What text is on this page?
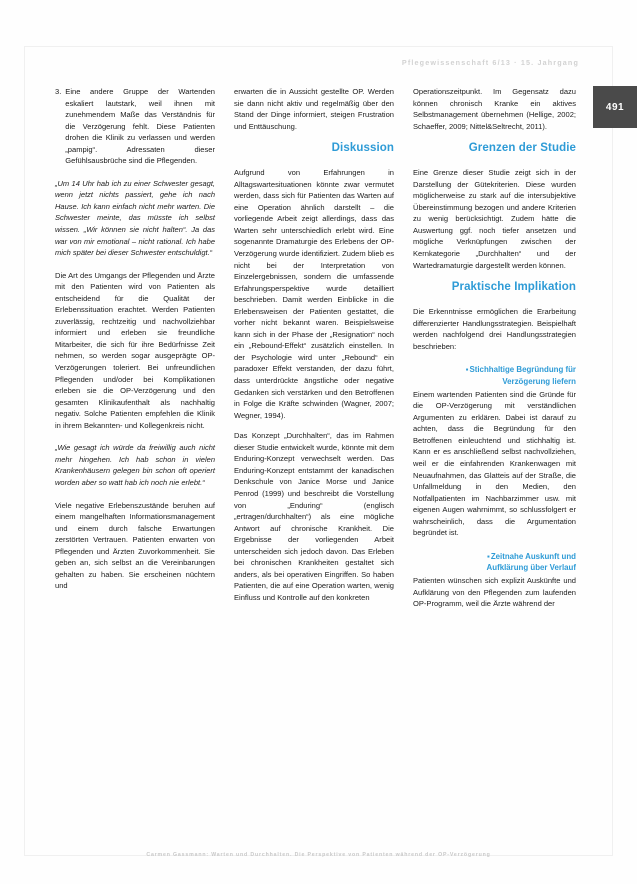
Pflegewissenschaft 6/13 · 15. Jahrgang
491
3. Eine andere Gruppe der Wartenden eskaliert lautstark, weil ihnen mit zunehmendem Maße das Verständnis für die Verzögerung fehlt. Diese Patienten drohen die Klinik zu verlassen und werden „pampig“. Adressaten dieser Gefühlsausbrüche sind die Pflegenden.

„Um 14 Uhr hab ich zu einer Schwester gesagt, wenn jetzt nichts passiert, gehe ich nach Hause. Ich kann einfach nicht mehr warten. Die Schwester meinte, das müsste ich selbst wissen. „Wir können sie nicht halten“. Ja das war von mir emotional – nicht rational. Ich habe mich später bei dieser Schwester entschuldigt.“

Die Art des Umgangs der Pflegenden und Ärzte mit den Patienten wird von Patienten als entscheidend für die Qualität der Erlebenssituation erachtet. Werden Patienten zuverlässig, rechtzeitig und nachvollziehbar informiert und erleben sie freundliche Mitarbeiter, die sich für ihre Bedürfnisse Zeit nehmen, so werden sogar ausgeprägte OP-Verzögerungen toleriert. Bei unfreundlichen Pflegenden und/oder bei Komplikationen erleben sie die OP-Verzögerung und den gesamten Klinikaufenthalt als nachhaltig negativ. Solche Patienten empfehlen die Klinik in ihrem Bekannten- und Kollegenkreis nicht.

„Wie gesagt ich würde da freiwillig auch nicht mehr hingehen. Ich hab schon in vielen Krankenhäusern gelegen bin schon oft operiert worden aber so watt hab ich noch nie erlebt.“

Viele negative Erlebenszustände beruhen auf einem mangelhaften Informationsmanagement und einem durch falsche Erwartungen zerstörten Vertrauen. Patienten erwarten von Pflegenden und Ärzten Zuvorkommenheit. Sie geben an, sich selbst an die Vereinbarungen gehalten zu haben. Sie erscheinen nüchtern und

erwarten die in Aussicht gestellte OP. Werden sie dann nicht aktiv und regelmäßig über den Stand der Dinge informiert, steigen Frustration und Enttäuschung.

Diskussion

Aufgrund von Erfahrungen in Alltagswartesituationen könnte zwar vermutet werden, dass sich für Patienten das Warten auf eine Operation ähnlich darstellt – die vorliegende Arbeit zeigt allerdings, dass das Warten sehr unterschiedlich erlebt wird. Eine sogenannte Dramaturgie des Erlebens der OP-Verzögerung wurde identifiziert. Zudem blieb es nicht bei der Interpretation von Einzelergebnissen, sondern die umfassende Erfahrungsperspektive wurde detailliert beschrieben. Damit werden Einblicke in die Erlebensweisen der Patienten gestattet, die vorher nicht bekannt waren. Beispielsweise kann sich in der Phase der „Resignation“ noch ein „Rebound-Effekt“ zusätzlich einstellen. In der Psychologie wird unter „Rebound“ ein paradoxer Effekt verstanden, der dazu führt, dass unterdrückte ängstliche oder negative Gedanken sich verstärken und den Betroffenen in Folge die Kräfte schwinden (Wagner, 2007; Wegner, 1994).

Das Konzept „Durchhalten“, das im Rahmen dieser Studie entwickelt wurde, könnte mit dem Enduring-Konzept verwechselt werden. Das Enduring-Konzept entstammt der kanadischen Denkschule von Janice Morse und Janice Penrod (1999) und beschreibt die Vorstellung von „Enduring“ (englisch „ertragen/durchhalten“) als eine mögliche Antwort auf chronische Krankheit. Die Ergebnisse der vorliegenden Arbeit unterscheiden sich jedoch davon. Das Erleben bei chronischen Krankheiten gestaltet sich anders, als bei operativen Eingriffen. So haben Patienten, die auf eine Operation warten, wenig Einfluss und Kontrolle auf den konkreten

Operationszeitpunkt. Im Gegensatz dazu können chronisch Kranke ein aktives Selbstmanagement übernehmen (Hellige, 2002; Schaeffer, 2009; Nittel&Seltrecht, 2011).

Grenzen der Studie

Eine Grenze dieser Studie zeigt sich in der Darstellung der Gütekriterien. Diese wurden möglicherweise zu stark auf die intersubjektive Übereinstimmung bezogen und andere Kriterien zu wenig berücksichtigt. Zudem hätte die Auswertung ggf. noch tiefer ansetzen und mögliche Verknüpfungen zwischen der Kernkategorie „Durchhalten“ und der Wartedramaturgie dargestellt werden können.

Praktische Implikation

Die Erkenntnisse ermöglichen die Erarbeitung differenzierter Handlungsstrategien. Beispielhaft werden nachfolgend drei Handlungsstrategien beschrieben:

▪Stichhaltige Begründung für
Verzögerung liefern

Einem wartenden Patienten sind die Gründe für die OP-Verzögerung mit verständlichen Argumenten zu erklären. Dabei ist darauf zu achten, dass die Begründung für den Betroffenen einleuchtend und stichhaltig ist. Kann er es anschließend selbst nachvollziehen, weil er die einfahrenden Krankenwagen mit Neuaufnahmen, das Glatteis auf der Straße, die Unfallmeldung in den Medien, den Notfallpatienten im Nachbarzimmer usw. mit eigenen Augen wahrnimmt, so schlussfolgert er wahrscheinlich, dass die Argumentation begründet ist.

▪Zeitnahe Auskunft und
Aufklärung über Verlauf

Patienten wünschen sich explizit Auskünfte und Aufklärung von den Pflegenden zum laufenden OP-Programm, weil die Ärzte während der

Carmen Gassmann: Warten und Durchhalten. Die Perspektive von Patienten während der OP-Verzögerung
